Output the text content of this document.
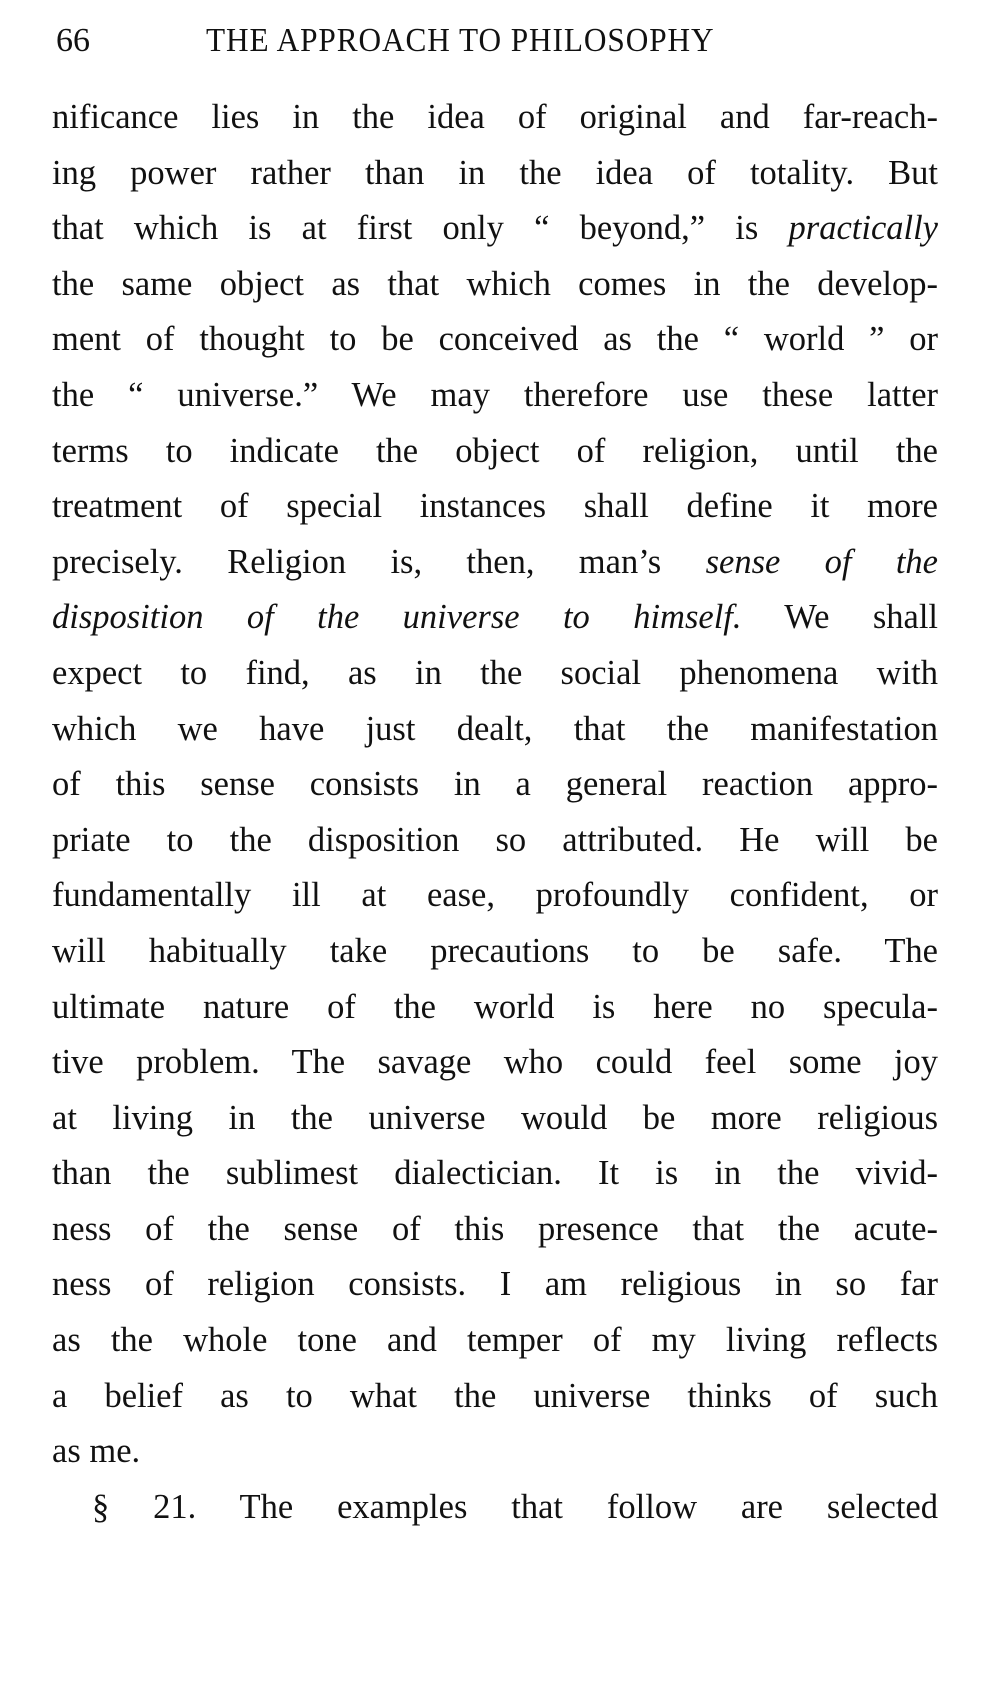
66	THE APPROACH TO PHILOSOPHY
nificance lies in the idea of original and far-reach-
ing power rather than in the idea of totality. But
that which is at first only “ beyond,” is practically
the same object as that which comes in the develop-
ment of thought to be conceived as the “ world ” or
the “ universe.” We may therefore use these latter
terms to indicate the object of religion, until the
treatment of special instances shall define it more
precisely. Religion is, then, man’s sense of the
disposition of the universe to himself. We shall
expect to find, as in the social phenomena with
which we have just dealt, that the manifestation
of this sense consists in a general reaction appro-
priate to the disposition so attributed. He will be
fundamentally ill at ease, profoundly confident, or
will habitually take precautions to be safe. The
ultimate nature of the world is here no specula-
tive problem. The savage who could feel some joy
at living in the universe would be more religious
than the sublimest dialectician. It is in the vivid-
ness of the sense of this presence that the acute-
ness of religion consists. I am religious in so far
as the whole tone and temper of my living reflects
a belief as to what the universe thinks of such
as me.
§ 21. The examples that follow are selected
